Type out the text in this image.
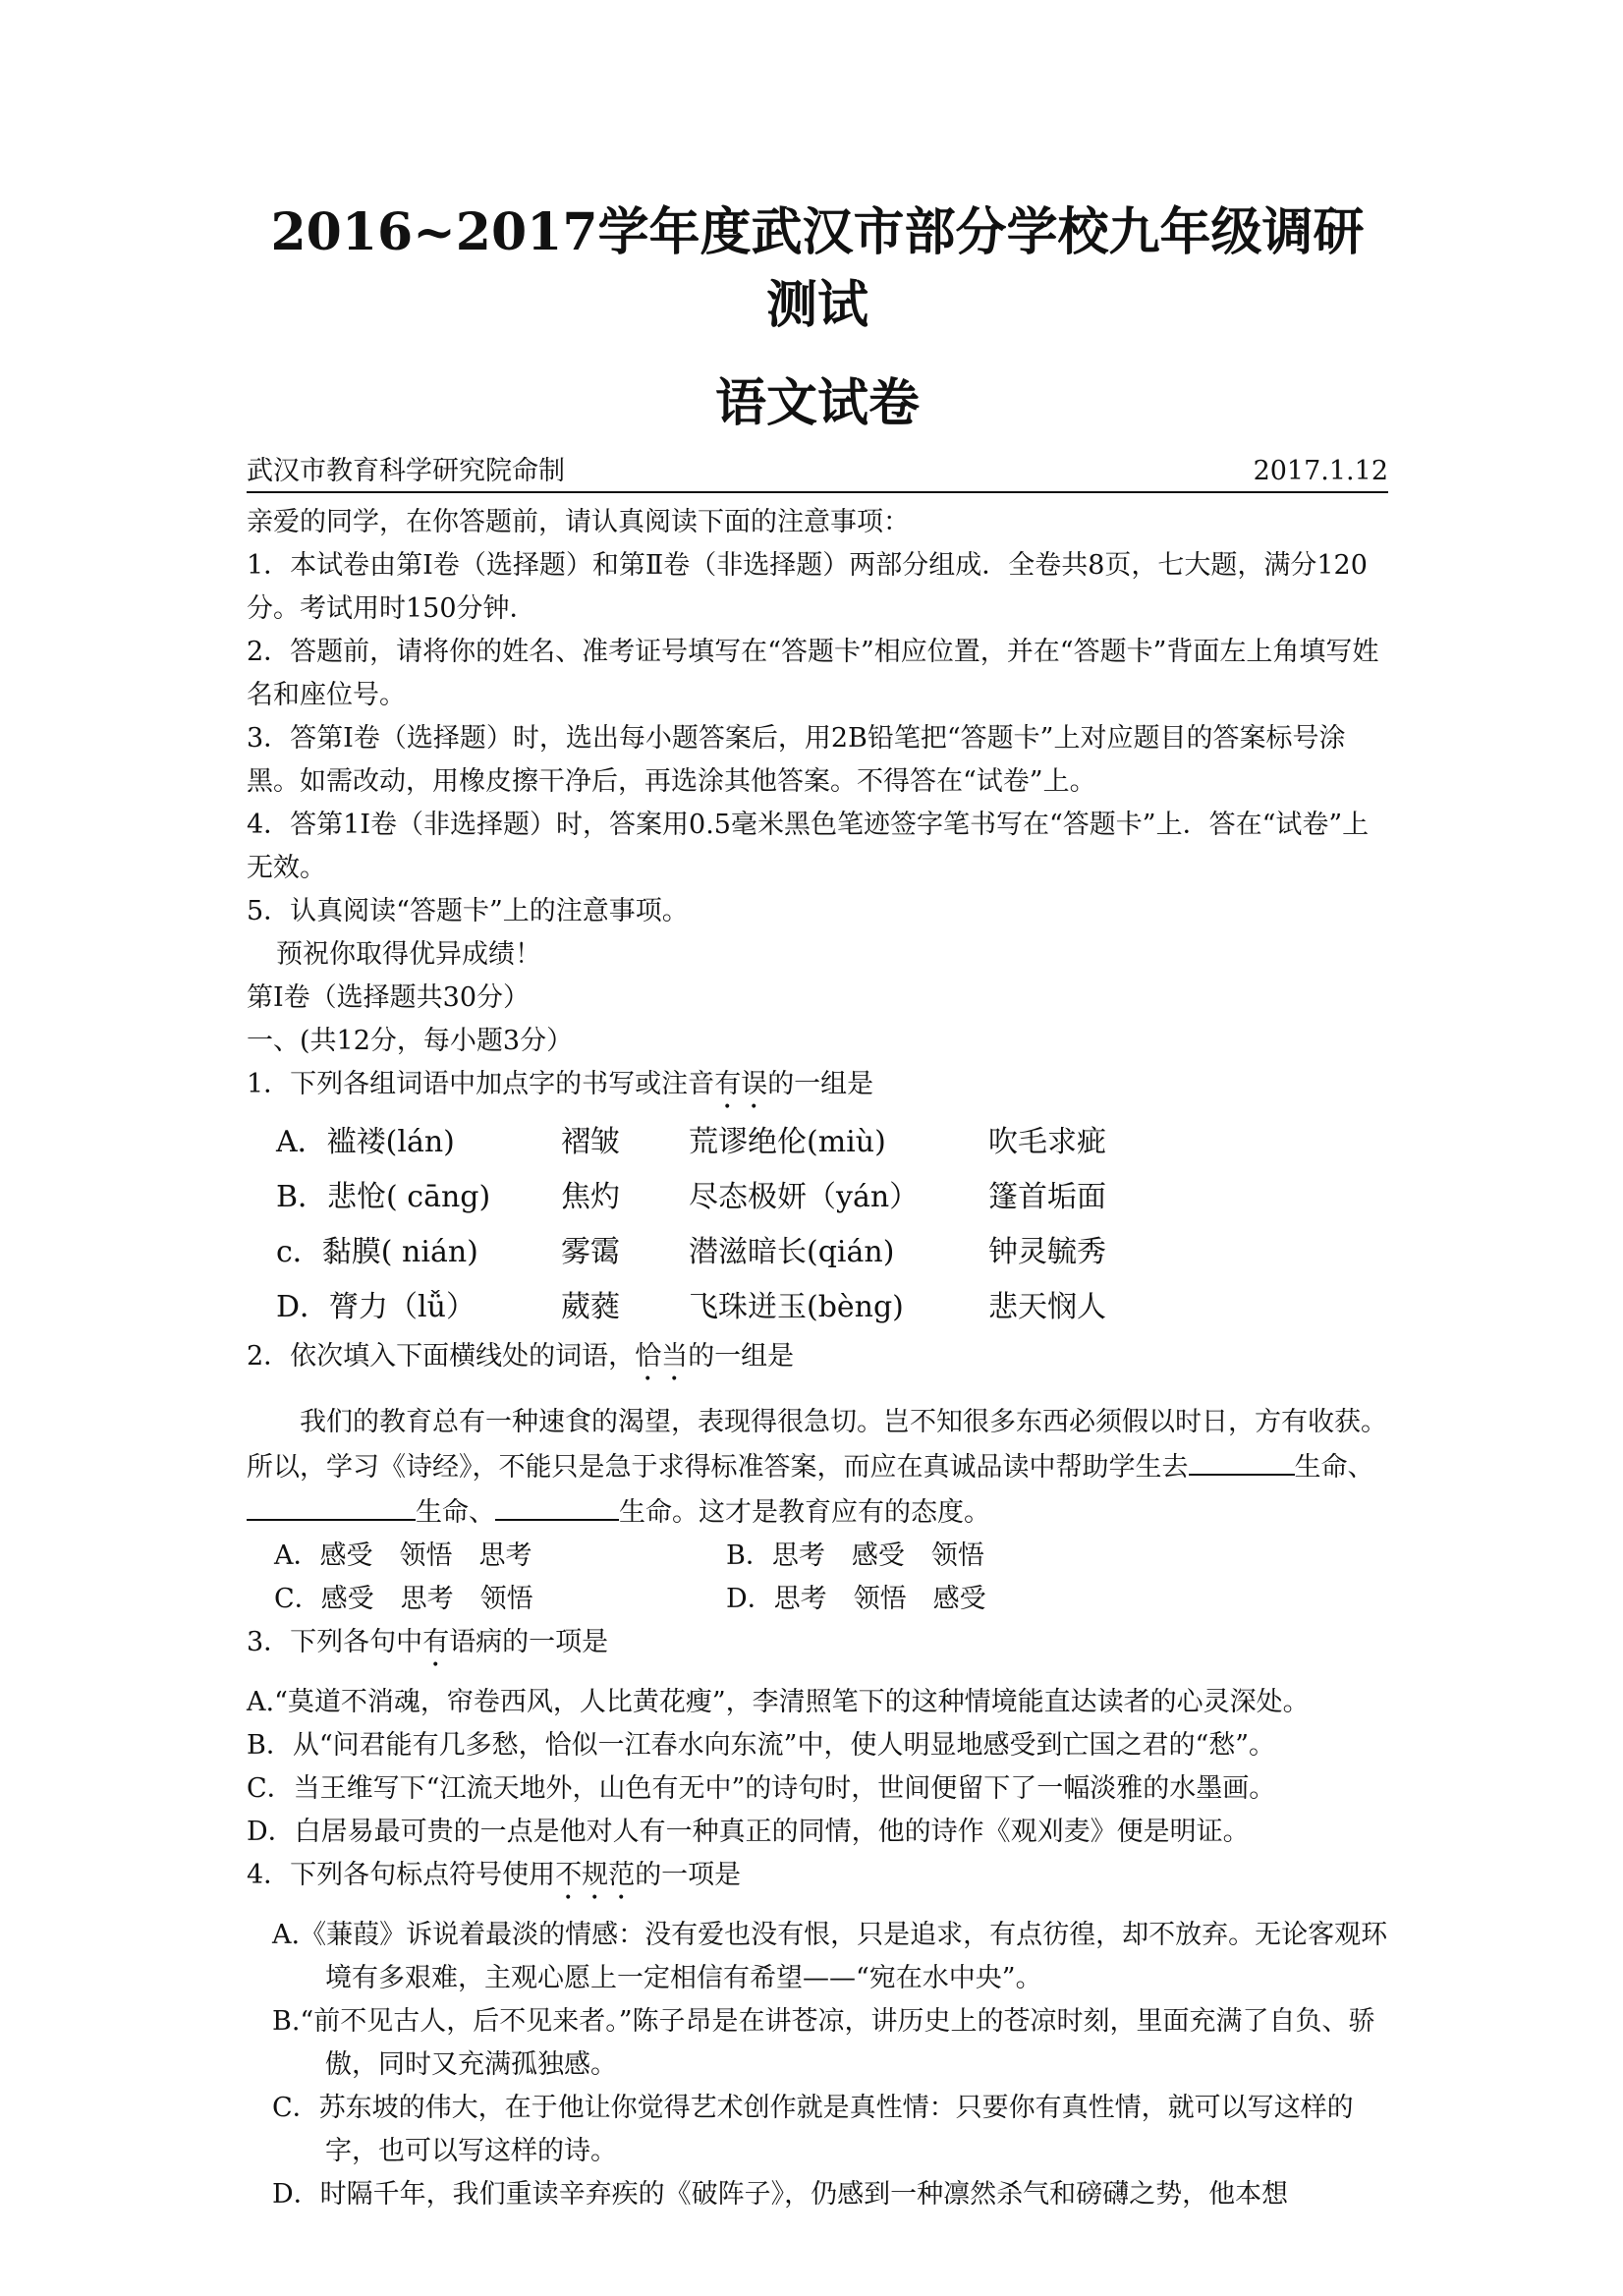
2016~2017学年度武汉市部分学校九年级调研测试
语文试卷
武汉市教育科学研究院命制	2017.1.12

亲爱的同学，在你答题前，请认真阅读下面的注意事项：

1．本试卷由第Ⅰ卷（选择题）和第Ⅱ卷（非选择题）两部分组成．全卷共8页，七大题，满分120分。考试用时150分钟．

2．答题前，请将你的姓名、准考证号填写在“答题卡”相应位置，并在“答题卡”背面左上角填写姓名和座位号。

3．答第Ⅰ卷（选择题）时，选出每小题答案后，用2B铅笔把“答题卡”上对应题目的答案标号涂黑。如需改动，用橡皮擦干净后，再选涂其他答案。不得答在“试卷”上。

4．答第1I卷（非选择题）时，答案用0.5毫米黑色笔迹签字笔书写在“答题卡”上．答在“试卷”上无效。

5．认真阅读“答题卡”上的注意事项。

预祝你取得优异成绩！

第Ⅰ卷（选择题共30分）

一、(共12分，每小题3分）

1．下列各组词语中加点字的书写或注音有误的一组是

A．褴褛(lán)	褶皱	荒谬绝伦(miù)	吹毛求疵
B．悲怆( cāng)	焦灼	尽态极妍（yán）	篷首垢面
c．黏膜( nián)	雾霭	潜滋暗长(qián)	钟灵毓秀
D．膂力（lǚ）	葳蕤	飞珠迸玉(bèng)	悲天悯人

2．依次填入下面横线处的词语，恰当的一组是

我们的教育总有一种速食的渴望，表现得很急切。岂不知很多东西必须假以时日，方有收获。所以，学习《诗经》，不能只是急于求得标准答案，而应在真诚品读中帮助学生去	生命、生命、	生命。这才是教育应有的态度。

A．感受　领悟　思考	B．思考　感受　领悟
C．感受　思考　领悟	D．思考　领悟　感受

3．下列各句中有语病的一项是

A.“莫道不消魂，帘卷西风，人比黄花瘦”，李清照笔下的这种情境能直达读者的心灵深处。

B．从“问君能有几多愁，恰似一江春水向东流”中，使人明显地感受到亡国之君的“愁”。

C．当王维写下“江流天地外，山色有无中”的诗句时，世间便留下了一幅淡雅的水墨画。

D．白居易最可贵的一点是他对人有一种真正的同情，他的诗作《观刈麦》便是明证。

4．下列各句标点符号使用不规范的一项是

A.《蒹葭》诉说着最淡的情感：没有爱也没有恨，只是追求，有点彷徨，却不放弃。无论客观环境有多艰难，主观心愿上一定相信有希望——“宛在水中央”。

B.“前不见古人，后不见来者。”陈子昂是在讲苍凉，讲历史上的苍凉时刻，里面充满了自负、骄傲，同时又充满孤独感。

C．苏东坡的伟大，在于他让你觉得艺术创作就是真性情：只要你有真性情，就可以写这样的字，也可以写这样的诗。

D．时隔千年，我们重读辛弃疾的《破阵子》，仍感到一种凛然杀气和磅礴之势，他本想
